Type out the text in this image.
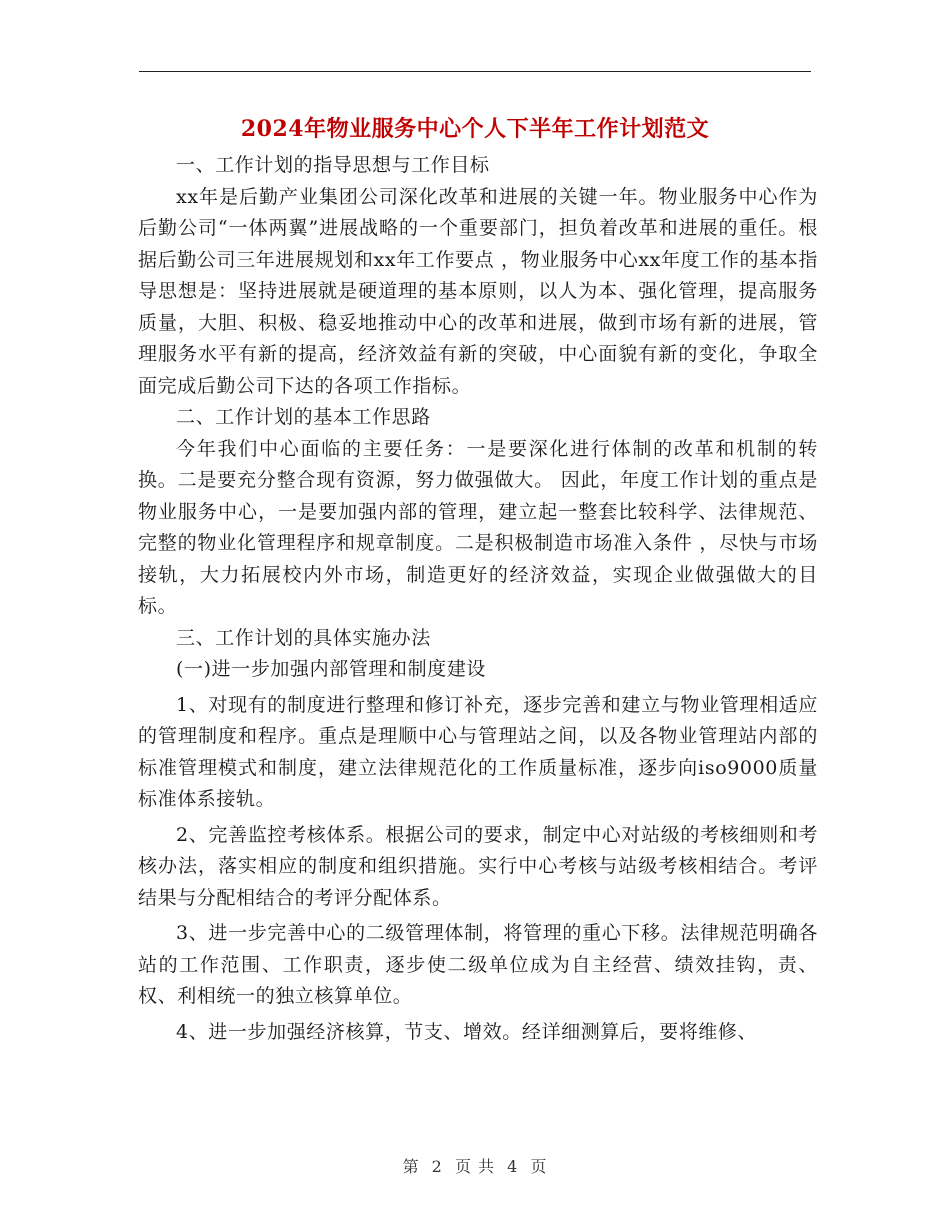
2024年物业服务中心个人下半年工作计划范文

一、工作计划的指导思想与工作目标

xx年是后勤产业集团公司深化改革和进展的关键一年。物业服务中心作为后勤公司“一体两翼”进展战略的一个重要部门，担负着改革和进展的重任。根据后勤公司三年进展规划和xx年工作要点 ，物业服务中心xx年度工作的基本指导思想是：坚持进展就是硬道理的基本原则，以人为本、强化管理，提高服务质量，大胆、积极、稳妥地推动中心的改革和进展，做到市场有新的进展，管理服务水平有新的提高，经济效益有新的突破，中心面貌有新的变化，争取全面完成后勤公司下达的各项工作指标。

二、工作计划的基本工作思路

今年我们中心面临的主要任务：一是要深化进行体制的改革和机制的转换。二是要充分整合现有资源，努力做强做大。 因此，年度工作计划的重点是物业服务中心，一是要加强内部的管理，建立起一整套比较科学、法律规范、完整的物业化管理程序和规章制度。二是积极制造市场准入条件 ，尽快与市场接轨，大力拓展校内外市场，制造更好的经济效益，实现企业做强做大的目标。

三、工作计划的具体实施办法

(一)进一步加强内部管理和制度建设

1、对现有的制度进行整理和修订补充，逐步完善和建立与物业管理相适应的管理制度和程序。重点是理顺中心与管理站之间，以及各物业管理站内部的标准管理模式和制度，建立法律规范化的工作质量标准，逐步向iso9000质量标准体系接轨。

2、完善监控考核体系。根据公司的要求，制定中心对站级的考核细则和考核办法，落实相应的制度和组织措施。实行中心考核与站级考核相结合。考评结果与分配相结合的考评分配体系。

3、进一步完善中心的二级管理体制，将管理的重心下移。法律规范明确各站的工作范围、工作职责，逐步使二级单位成为自主经营、绩效挂钩，责、权、利相统一的独立核算单位。

4、进一步加强经济核算，节支、增效。经详细测算后，要将维修、

第 2 页 共 4 页
